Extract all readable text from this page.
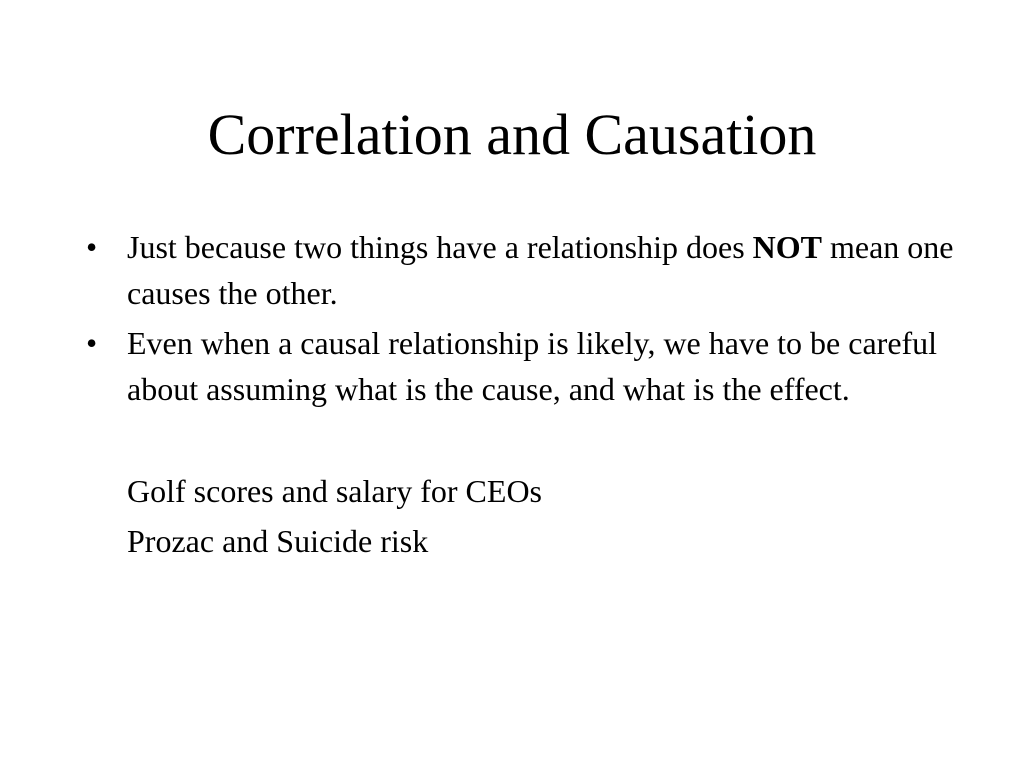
Correlation and Causation
• Just because two things have a relationship does NOT mean one causes the other.
• Even when a causal relationship is likely, we have to be careful about assuming what is the cause, and what is the effect.
Golf scores and salary for CEOs
Prozac and Suicide risk
